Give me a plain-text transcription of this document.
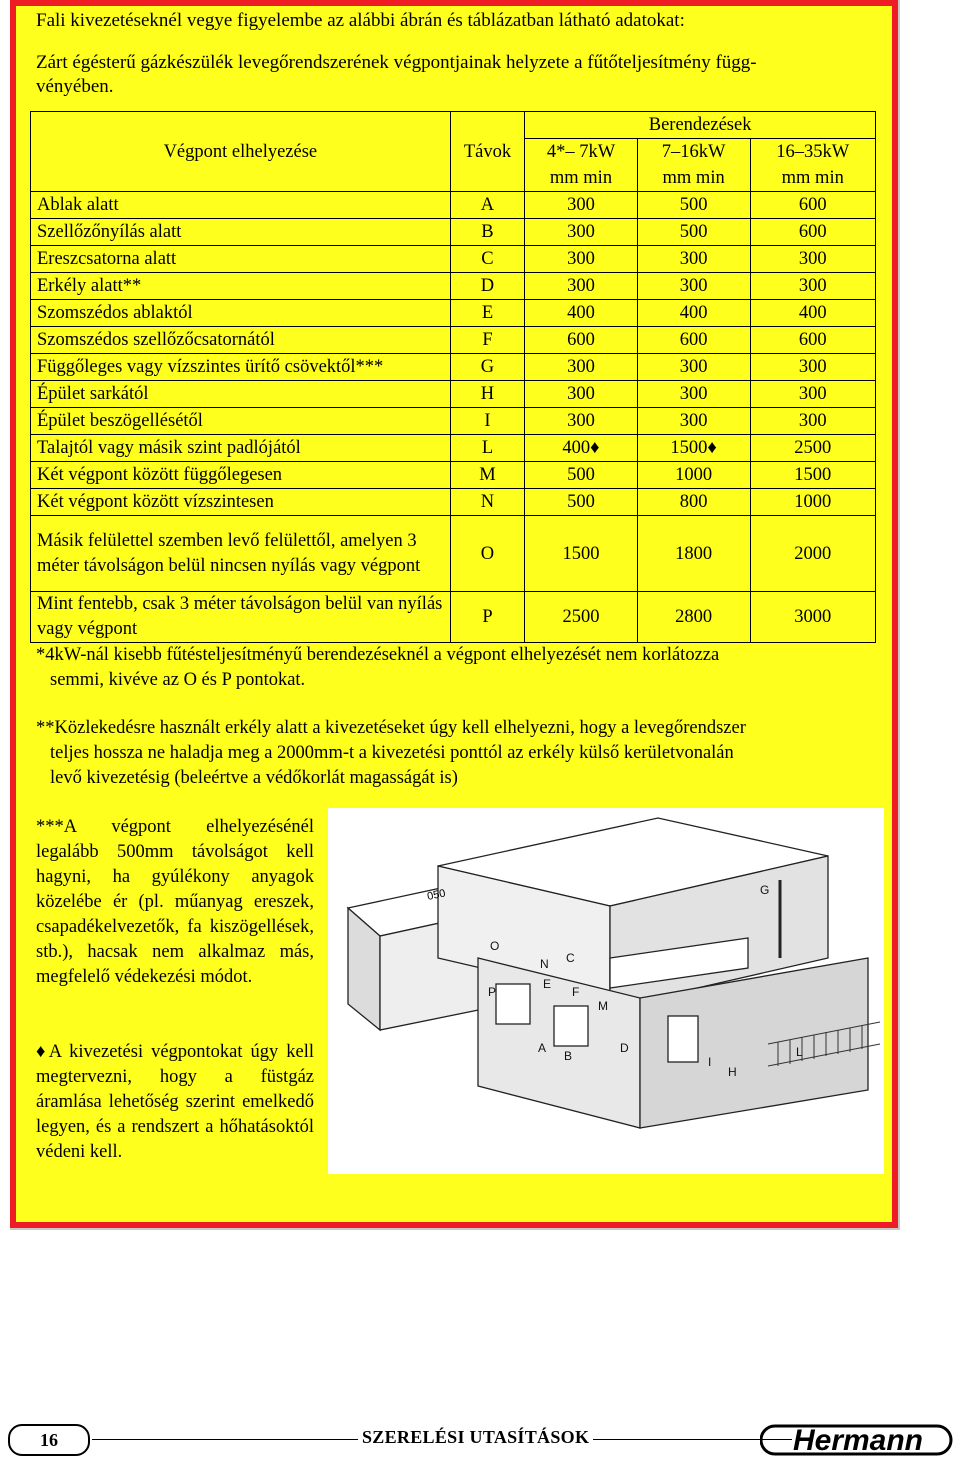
Fali kivezetéseknél vegye figyelembe az alábbi ábrán és táblázatban látható adatokat:
Zárt égésterű gázkészülék levegőrendszerének végpontjainak helyzete a fűtőteljesítmény függ-
vényében.
Végpont elhelyezése	Távok	Berendezések		
		4*– 7kW	7–16kW	16–35kW
		mm min	mm min	mm min
Ablak alatt	A	300	500	600
Szellőzőnyílás alatt	B	300	500	600
Ereszcsatorna alatt	C	300	300	300
Erkély alatt**	D	300	300	300
Szomszédos ablaktól	E	400	400	400
Szomszédos szellőzőcsatornától	F	600	600	600
Függőleges vagy vízszintes ürítő csövektől***	G	300	300	300
Épület sarkától	H	300	300	300
Épület beszögellésétől	I	300	300	300
Talajtól vagy másik szint padlójától	L	400♦	1500♦	2500
Két végpont között függőlegesen	M	500	1000	1500
Két végpont között vízszintesen	N	500	800	1000
Másik felülettel szemben levő felülettől, amelyen 3 méter távolságon belül nincsen nyílás vagy végpont	O	1500	1800	2000
Mint fentebb, csak 3 méter távolságon belül van nyílás vagy végpont	P	2500	2800	3000
*4kW-nál kisebb fűtésteljesítményű berendezéseknél a végpont elhelyezését nem korlátozza
semmi, kivéve az O és P pontokat.
**Közlekedésre használt erkély alatt a kivezetéseket úgy kell elhelyezni, hogy a levegőrendszer
teljes hossza ne haladja meg a 2000mm-t a kivezetési ponttól az erkély külső kerületvonalán
levő kivezetésig (beleértve a védőkorlát magasságát is)
***A végpont elhelyezésénél legalább 500mm távolságot kell hagyni, ha gyúlékony anyagok közelébe ér (pl. műanyag ereszek, csapadékelvezetők, fa kiszögellések, stb.), hacsak nem alkalmaz más, megfelelő védekezési módot.
♦A kivezetési végpontokat úgy kell megtervezni, hogy a füstgáz áramlása lehetőség szerint emelkedő legyen, és a rendszert a hőhatásoktól védeni kell.
050
O
N C
P
E
F
M
A
B
D
G
L
I
H
16	SZERELÉSI UTASÍTÁSOK	Hermann
